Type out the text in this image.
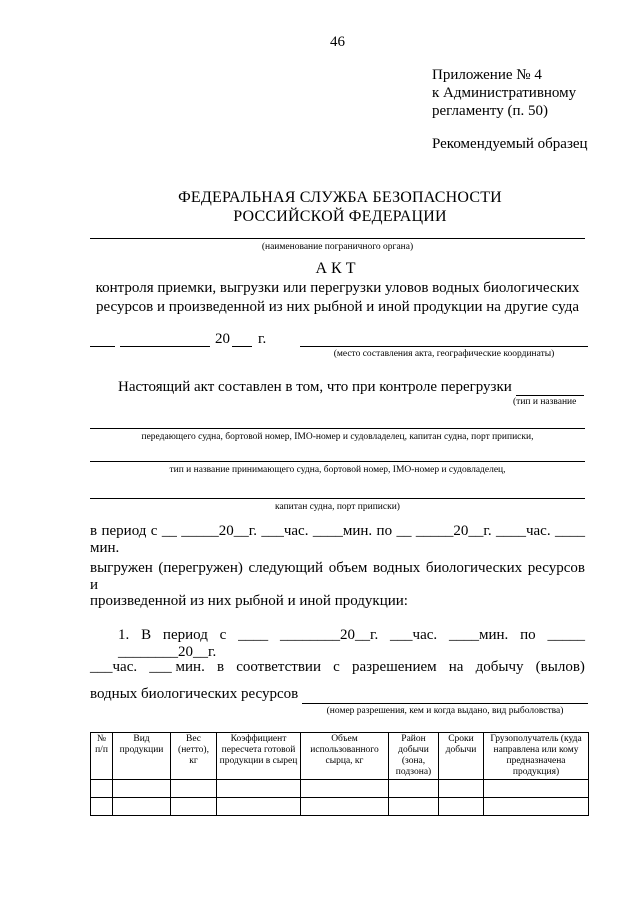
46
Приложение № 4
к Административному
регламенту (п. 50)
Рекомендуемый образец
ФЕДЕРАЛЬНАЯ СЛУЖБА БЕЗОПАСНОСТИ
РОССИЙСКОЙ ФЕДЕРАЦИИ
(наименование пограничного органа)
АКТ
контроля приемки, выгрузки или перегрузки уловов водных биологических
ресурсов и произведенной из них рыбной и иной продукции на другие суда
20 г.
(место составления акта, географические координаты)
Настоящий акт составлен в том, что при контроле перегрузки
(тип и название
передающего судна, бортовой номер, IMO-номер и судовладелец, капитан судна, порт приписки,
тип и название принимающего судна, бортовой номер, IMO-номер и судовладелец,
капитан судна, порт приписки)
в период с __ _____20__г. ___час. ____мин. по __ _____20__г. ____час. ____ мин.
выгружен (перегружен) следующий объем водных биологических ресурсов и
произведенной из них рыбной и иной продукции:
1. В период с ____ ________20__г. ___час. ____мин. по _____ ________20__г.
___час. ___ мин. в соответствии с разрешением на добычу (вылов)
водных биологических ресурсов
(номер разрешения, кем и когда выдано, вид рыболовства)
№ п/п	Вид продукции	Вес (нетто), кг	Коэффициент пересчета готовой продукции в сырец	Объем использованного сырца, кг	Район добычи (зона, подзона)	Сроки добычи	Грузополучатель (куда направлена или кому предназначена продукция)
